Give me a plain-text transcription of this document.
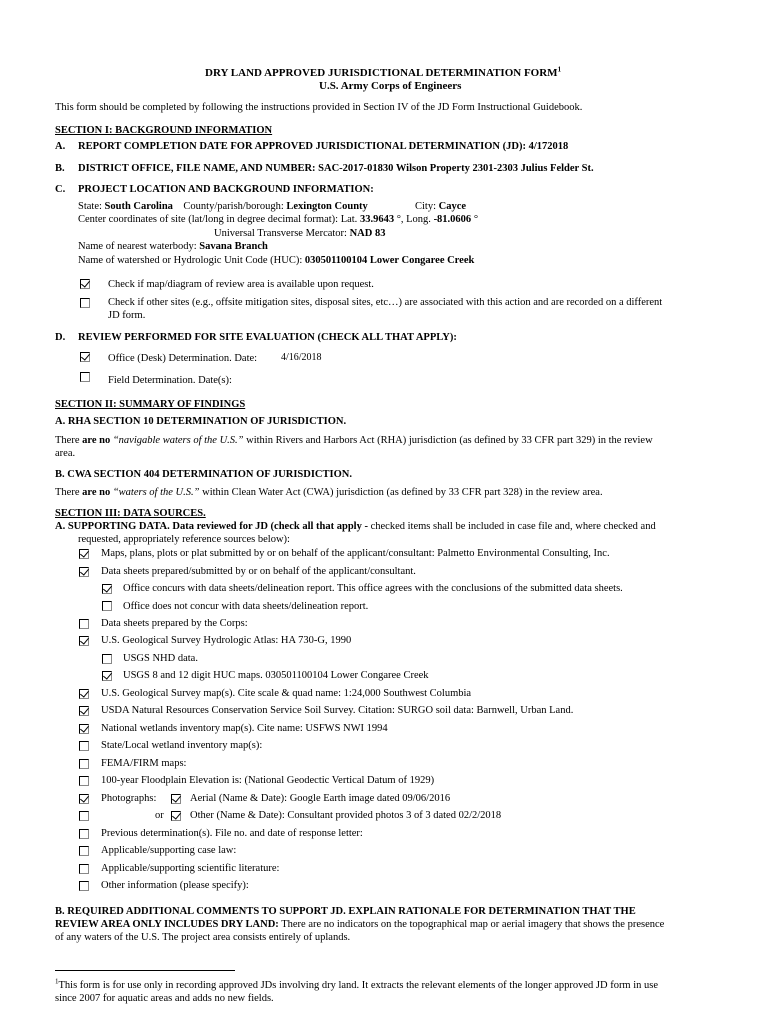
DRY LAND APPROVED JURISDICTIONAL DETERMINATION FORM$^1$
U.S. Army Corps of Engineers
This form should be completed by following the instructions provided in Section IV of the JD Form Instructional Guidebook.
SECTION I: BACKGROUND INFORMATION
A. REPORT COMPLETION DATE FOR APPROVED JURISDICTIONAL DETERMINATION (JD): 4/172018
B. DISTRICT OFFICE, FILE NAME, AND NUMBER: SAC-2017-01830 Wilson Property 2301-2303 Julius Felder St.
C. PROJECT LOCATION AND BACKGROUND INFORMATION:
State: South Carolina County/parish/borough: Lexington County	City: Cayce
Center coordinates of site (lat/long in degree decimal format): Lat. 33.9643 °, Long. -81.0606 °
Universal Transverse Mercator: NAD 83
Name of nearest waterbody: Savana Branch
Name of watershed or Hydrologic Unit Code (HUC): 030501100104 Lower Congaree Creek
Check if map/diagram of review area is available upon request.
Check if other sites (e.g., offsite mitigation sites, disposal sites, etc…) are associated with this action and are recorded on a different
JD form.
D. REVIEW PERFORMED FOR SITE EVALUATION (CHECK ALL THAT APPLY):
Office (Desk) Determination. Date: 4/16/2018
Field Determination. Date(s):
SECTION II: SUMMARY OF FINDINGS
A. RHA SECTION 10 DETERMINATION OF JURISDICTION.
There are no “navigable waters of the U.S.” within Rivers and Harbors Act (RHA) jurisdiction (as defined by 33 CFR part 329) in the review
area.
B. CWA SECTION 404 DETERMINATION OF JURISDICTION.
There are no “waters of the U.S.” within Clean Water Act (CWA) jurisdiction (as defined by 33 CFR part 328) in the review area.
SECTION III: DATA SOURCES.
A. SUPPORTING DATA. Data reviewed for JD (check all that apply - checked items shall be included in case file and, where checked and
requested, appropriately reference sources below):
Maps, plans, plots or plat submitted by or on behalf of the applicant/consultant: Palmetto Environmental Consulting, Inc.
Data sheets prepared/submitted by or on behalf of the applicant/consultant.
Office concurs with data sheets/delineation report. This office agrees with the conclusions of the submitted data sheets.
Office does not concur with data sheets/delineation report.
Data sheets prepared by the Corps:
U.S. Geological Survey Hydrologic Atlas: HA 730-G, 1990
USGS NHD data.
USGS 8 and 12 digit HUC maps. 030501100104 Lower Congaree Creek
U.S. Geological Survey map(s). Cite scale & quad name: 1:24,000 Southwest Columbia
USDA Natural Resources Conservation Service Soil Survey. Citation: SURGO soil data: Barnwell, Urban Land.
National wetlands inventory map(s). Cite name: USFWS NWI 1994
State/Local wetland inventory map(s):
FEMA/FIRM maps:
100-year Floodplain Elevation is: (National Geodectic Vertical Datum of 1929)
Photographs:	Aerial (Name & Date): Google Earth image dated 09/06/2016
or	Other (Name & Date): Consultant provided photos 3 of 3 dated 02/2/2018
Previous determination(s). File no. and date of response letter:
Applicable/supporting case law:
Applicable/supporting scientific literature:
Other information (please specify):
B. REQUIRED ADDITIONAL COMMENTS TO SUPPORT JD. EXPLAIN RATIONALE FOR DETERMINATION THAT THE
REVIEW AREA ONLY INCLUDES DRY LAND: There are no indicators on the topographical map or aerial imagery that shows the presence
of any waters of the U.S. The project area consists entirely of uplands.
$^1$This form is for use only in recording approved JDs involving dry land. It extracts the relevant elements of the longer approved JD form in use
since 2007 for aquatic areas and adds no new fields.
